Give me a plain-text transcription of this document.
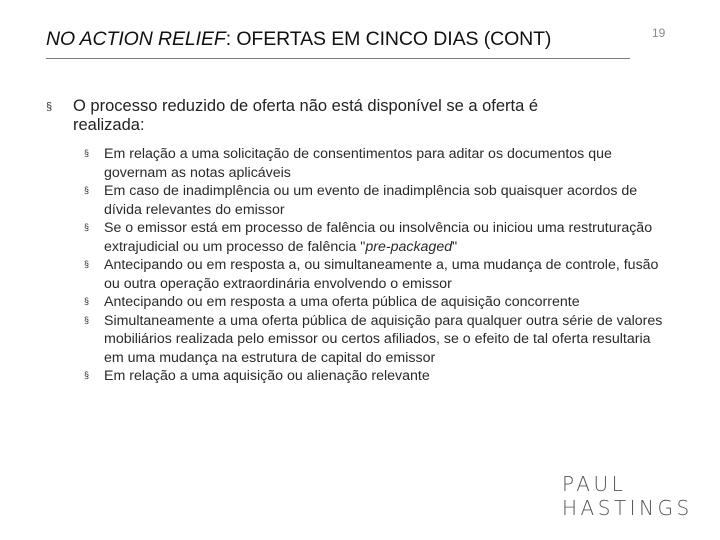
NO ACTION RELIEF: OFERTAS EM CINCO DIAS (CONT)	19
§	O processo reduzido de oferta não está disponível se a oferta é realizada:
§	Em relação a uma solicitação de consentimentos para aditar os documentos que governam as notas aplicáveis
§	Em caso de inadimplência ou um evento de inadimplência sob quaisquer acordos de dívida relevantes do emissor
§	Se o emissor está em processo de falência ou insolvência ou iniciou uma restruturação extrajudicial ou um processo de falência "pre-packaged"
§	Antecipando ou em resposta a, ou simultaneamente a, uma mudança de controle, fusão ou outra operação extraordinária envolvendo o emissor
§	Antecipando ou em resposta a uma oferta pública de aquisição concorrente
§	Simultaneamente a uma oferta pública de aquisição para qualquer outra série de valores mobiliários realizada pelo emissor ou certos afiliados, se o efeito de tal oferta resultaria em uma mudança na estrutura de capital do emissor
§	Em relação a uma aquisição ou alienação relevante
PAUL
HASTINGS
